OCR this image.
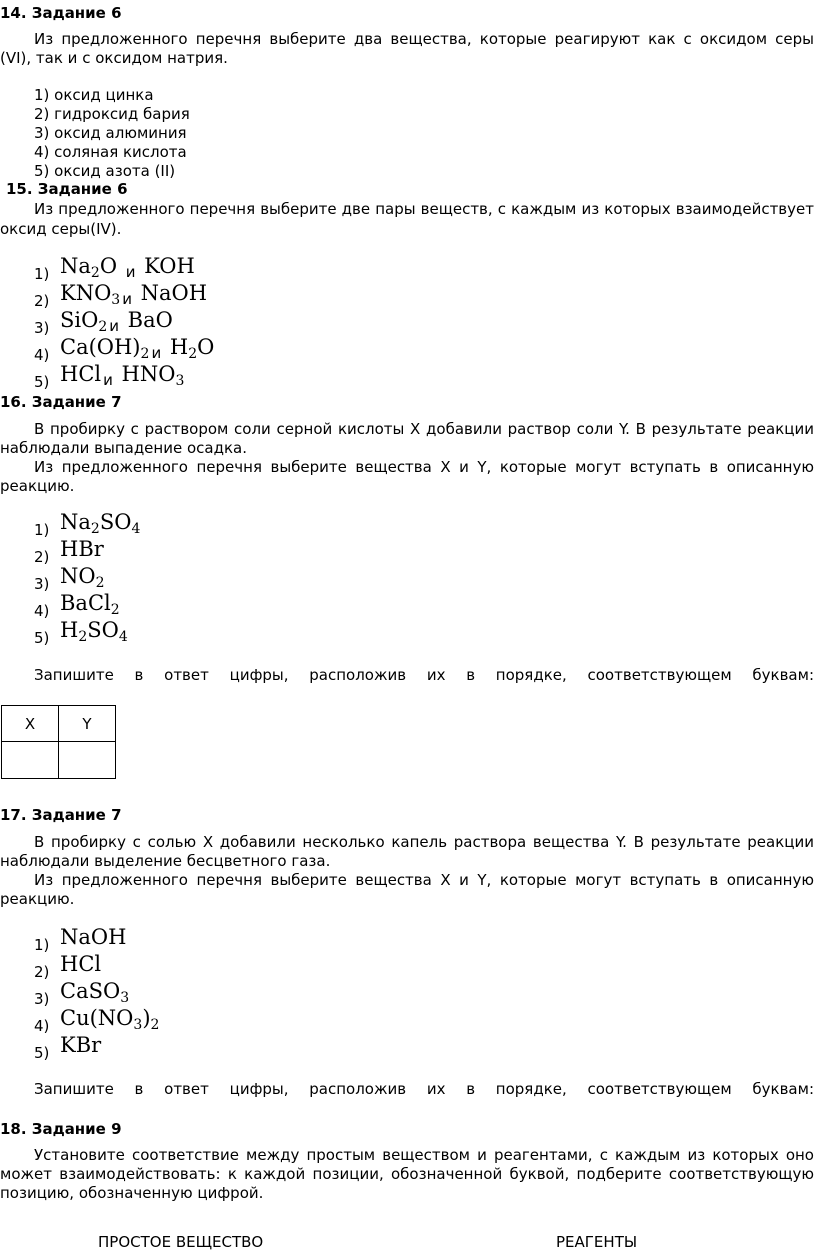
14. Задание 6
Из предложенного перечня выберите два вещества, которые реагируют как с оксидом серы
(VI), так и с оксидом натрия.
1) оксид цинка
2) гидроксид бария
3) оксид алюминия
4) соляная кислота
5) оксид азота (II)
15. Задание 6
Из предложенного перечня выберите две пары веществ, с каждым из которых взаимодействует
оксид серы(IV).
1) $Na_2O$ и KOH
2) $KNO_3$ и NaOH
3) SiO$_2$ и BaO
4) $Ca(OH)_2$ и $H_2O$
5) HCl и $HNO_3$
16. Задание 7
В пробирку с раствором соли серной кислоты X добавили раствор соли Y. В результате реакции
наблюдали выпадение осадка.
Из предложенного перечня выберите вещества X и Y, которые могут вступать в описанную
реакцию.
1) $Na_2SO_4$
2) HBr
3) $NO_2$
4) BaCl$_2$
5) $H_2SO_4$
Запишите в ответ цифры, расположив их в порядке, соответствующем буквам:
X	Y

17. Задание 7
В пробирку с солью X добавили несколько капель раствора вещества Y. В результате реакции
наблюдали выделение бесцветного газа.
Из предложенного перечня выберите вещества X и Y, которые могут вступать в описанную
реакцию.
1) NaOH
2) HCl
3) CaSO$_3$
4) $Cu(NO_3)_2$
5) KBr
Запишите в ответ цифры, расположив их в порядке, соответствующем буквам:
18. Задание 9
Установите соответствие между простым веществом и реагентами, с каждым из которых оно
может взаимодействовать: к каждой позиции, обозначенной буквой, подберите соответствующую
позицию, обозначенную цифрой.
ПРОСТОЕ ВЕЩЕСТВО	РЕАГЕНТЫ
